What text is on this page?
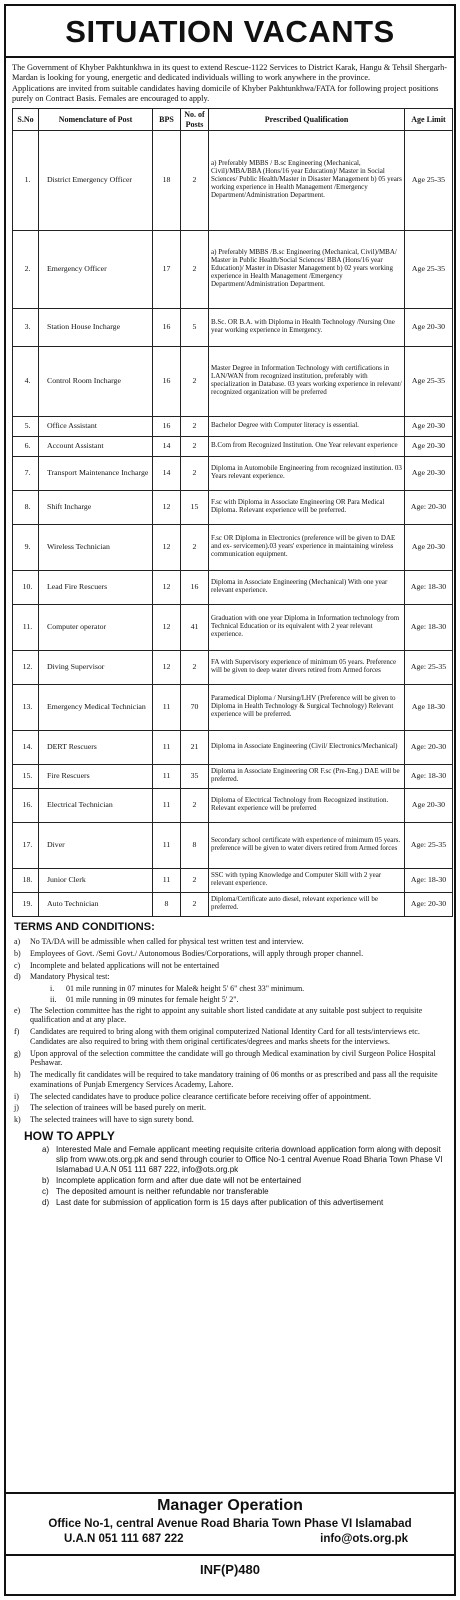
SITUATION VACANTS

The Government of Khyber Pakhtunkhwa in its quest to extend Rescue-1122 Services to District Karak, Hangu & Tehsil Shergarh-Mardan is looking for young, energetic and dedicated individuals willing to work anywhere in the province.

Applications are invited from suitable candidates having domicile of Khyber Pakhtunkhwa/FATA for following project positions purely on Contract Basis. Females are encouraged to apply.

S.No	Nomenclature of Post	BPS	No. of Posts	Prescribed Qualification	Age Limit
1.	District Emergency Officer	18	2	a) Preferably MBBS / B.sc Engineering (Mechanical, Civil)/MBA/BBA (Hons/16 year Education)/ Master in Social Sciences/ Public Health/Master in Disaster Management b) 05 years working experience in Health Management /Emergency Department/Administration Department.	Age 25-35
2.	Emergency Officer	17	2	a) Preferably MBBS /B.sc Engineering (Mechanical, Civil)/MBA/ Master in Public Health/Social Sciences/ BBA (Hons/16 year Education)/ Master in Disaster Management b) 02 years working experience in Health Management /Emergency Department/Administration Department.	Age 25-35
3.	Station House Incharge	16	5	B.Sc. OR B.A. with Diploma in Health Technology /Nursing One year working experience in Emergency.	Age 20-30
4.	Control Room Incharge	16	2	Master Degree in Information Technology with certifications in LAN/WAN from recognized institution, preferably with specialization in Database. 03 years working experience in relevant/ recognized organization will be preferred	Age 25-35
5.	Office Assistant	16	2	Bachelor Degree with Computer literacy is essential.	Age 20-30
6.	Account Assistant	14	2	B.Com from Recognized Institution. One Year relevant experience	Age 20-30
7.	Transport Maintenance Incharge	14	2	Diploma in Automobile Engineering from recognized institution. 03 Years relevant experience.	Age 20-30
8.	Shift Incharge	12	15	F.sc with Diploma in Associate Engineering OR Para Medical Diploma. Relevant experience will be preferred.	Age: 20-30
9.	Wireless Technician	12	2	F.sc OR Diploma in Electronics (preference will be given to DAE and ex- servicemen).03 years' experience in maintaining wireless communication equipment.	Age 20-30
10.	Lead Fire Rescuers	12	16	Diploma in Associate Engineering (Mechanical) With one year relevant experience.	Age: 18-30
11.	Computer operator	12	41	Graduation with one year Diploma in Information technology from Technical Education or its equivalent with 2 year relevant experience.	Age: 18-30
12.	Diving Supervisor	12	2	FA with Supervisory experience of minimum 05 years. Preference will be given to deep water divers retired from Armed forces	Age: 25-35
13.	Emergency Medical Technician	11	70	Paramedical Diploma / Nursing/LHV (Preference will be given to Diploma in Health Technology & Surgical Technology) Relevant experience will be preferred.	Age 18-30
14.	DERT Rescuers	11	21	Diploma in Associate Engineering (Civil/ Electronics/Mechanical)	Age: 20-30
15.	Fire Rescuers	11	35	Diploma in Associate Engineering OR F.sc (Pre-Eng.) DAE will be preferred.	Age: 18-30
16.	Electrical Technician	11	2	Diploma of Electrical Technology from Recognized institution. Relevant experience will be preferred	Age 20-30
17.	Diver	11	8	Secondary school certificate with experience of minimum 05 years. preference will be given to water divers retired from Armed forces	Age: 25-35
18.	Junior Clerk	11	2	SSC with typing Knowledge and Computer Skill with 2 year relevant experience.	Age: 18-30
19.	Auto Technician	8	2	Diploma/Certificate auto diesel, relevant experience will be preferred.	Age: 20-30
TERMS AND CONDITIONS:
a)	No TA/DA will be admissible when called for physical test written test and interview.
b)	Employees of Govt. /Semi Govt./ Autonomous Bodies/Corporations, will apply through proper channel.
c)	Incomplete and belated applications will not be entertained
d)	Mandatory Physical test:
i.	01 mile running in 07 minutes for Male& height 5' 6" chest 33" minimum.
ii.	01 mile running in 09 minutes for female height 5' 2".
e)	The Selection committee has the right to appoint any suitable short listed candidate at any suitable post subject to requisite qualification and at any place.
f)	Candidates are required to bring along with them original computerized National Identity Card for all tests/interviews etc. Candidates are also required to bring with them original certificates/degrees and marks sheets for the interviews.
g)	Upon approval of the selection committee the candidate will go through Medical examination by civil Surgeon Police Hospital Peshawar.
h)	The medically fit candidates will be required to take mandatory training of 06 months or as prescribed and pass all the requisite examinations of Punjab Emergency Services Academy, Lahore.
i)	The selected candidates have to produce police clearance certificate before receiving offer of appointment.
j)	The selection of trainees will be based purely on merit.
k)	The selected trainees will have to sign surety bond.
HOW TO APPLY
a) Interested Male and Female applicant meeting requisite criteria download application form along with deposit slip from www.ots.org.pk and send through courier to Office No-1 central Avenue Road Bharia Town Phase VI Islamabad U.A.N 051 111 687 222, info@ots.org.pk
b) Incomplete application form and after due date will not be entertained
c) The deposited amount is neither refundable nor transferable
d) Last date for submission of application form is 15 days after publication of this advertisement
Manager Operation
Office No-1, central Avenue Road Bharia Town Phase VI Islamabad
U.A.N 051 111 687 222	info@ots.org.pk
INF(P)480
